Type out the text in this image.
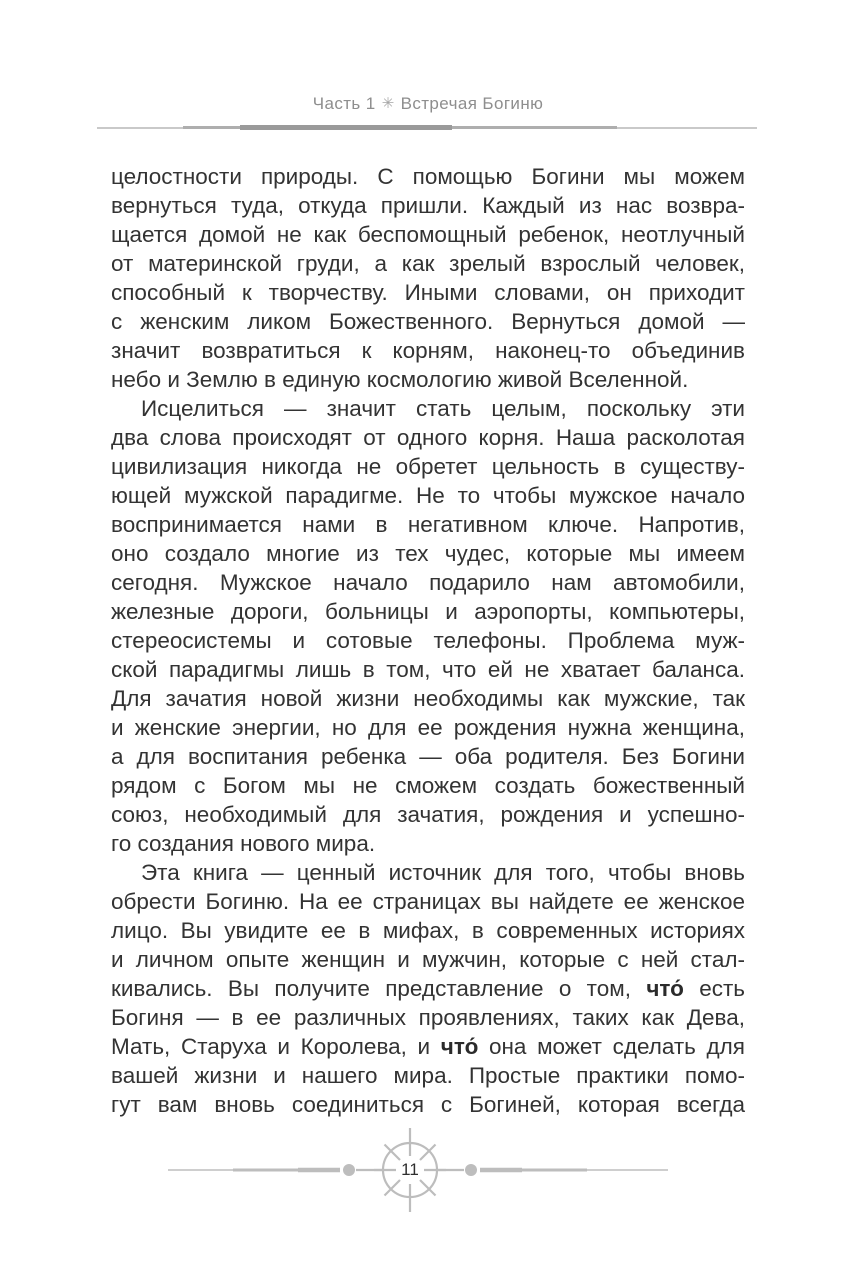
Часть 1 ✳ Встречая Богиню
целостности природы. С помощью Богини мы можем
вернуться туда, откуда пришли. Каждый из нас возвра-
щается домой не как беспомощный ребенок, неотлучный
от материнской груди, а как зрелый взрослый человек,
способный к творчеству. Иными словами, он приходит
с женским ликом Божественного. Вернуться домой —
значит возвратиться к корням, наконец-то объединив
небо и Землю в единую космологию живой Вселенной.
Исцелиться — значит стать целым, поскольку эти
два слова происходят от одного корня. Наша расколотая
цивилизация никогда не обретет цельность в существу-
ющей мужской парадигме. Не то чтобы мужское начало
воспринимается нами в негативном ключе. Напротив,
оно создало многие из тех чудес, которые мы имеем
сегодня. Мужское начало подарило нам автомобили,
железные дороги, больницы и аэропорты, компьютеры,
стереосистемы и сотовые телефоны. Проблема муж-
ской парадигмы лишь в том, что ей не хватает баланса.
Для зачатия новой жизни необходимы как мужские, так
и женские энергии, но для ее рождения нужна женщина,
а для воспитания ребенка — оба родителя. Без Богини
рядом с Богом мы не сможем создать божественный
союз, необходимый для зачатия, рождения и успешно-
го создания нового мира.
Эта книга — ценный источник для того, чтобы вновь
обрести Богиню. На ее страницах вы найдете ее женское
лицо. Вы увидите ее в мифах, в современных историях
и личном опыте женщин и мужчин, которые с ней стал-
кивались. Вы получите представление о том, что́ есть
Богиня — в ее различных проявлениях, таких как Дева,
Мать, Старуха и Королева, и что́ она может сделать для
вашей жизни и нашего мира. Простые практики помо-
гут вам вновь соединиться с Богиней, которая всегда
11
